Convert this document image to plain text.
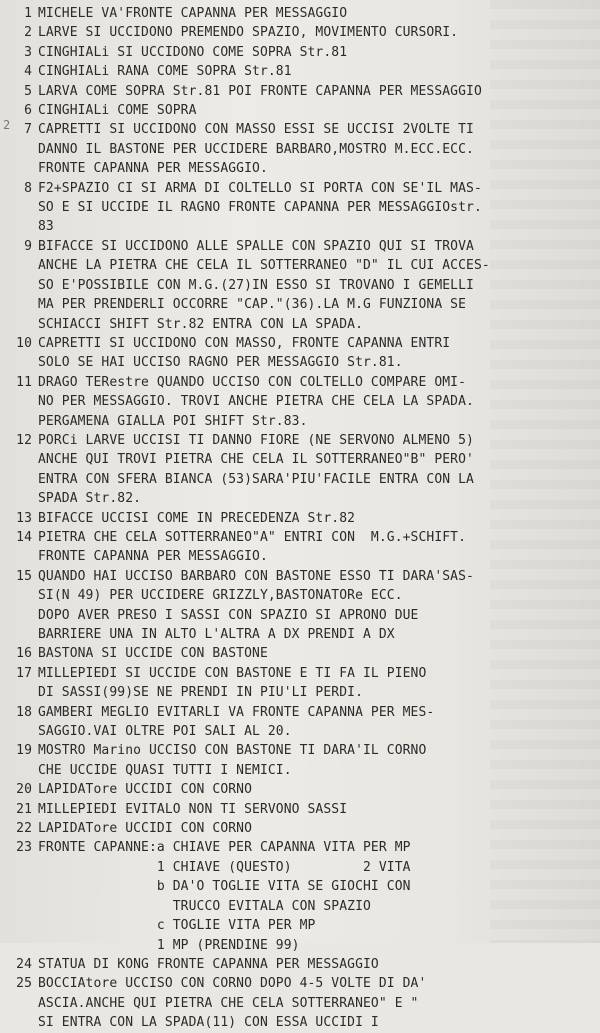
2
1 MICHELE VA'FRONTE CAPANNA PER MESSAGGIO
2 LARVE SI UCCIDONO PREMENDO SPAZIO, MOVIMENTO CURSORI.
3 CINGHIALi SI UCCIDONO COME SOPRA Str.81
4 CINGHIALi RANA COME SOPRA Str.81
5 LARVA COME SOPRA Str.81 POI FRONTE CAPANNA PER MESSAGGIO
6 CINGHIALi COME SOPRA
7 CAPRETTI SI UCCIDONO CON MASSO ESSI SE UCCISI 2VOLTE TI
DANNO IL BASTONE PER UCCIDERE BARBARO,MOSTRO M.ECC.ECC.
FRONTE CAPANNA PER MESSAGGIO.
8 F2+SPAZIO CI SI ARMA DI COLTELLO SI PORTA CON SE'IL MAS-
SO E SI UCCIDE IL RAGNO FRONTE CAPANNA PER MESSAGGIOstr.
83
9 BIFACCE SI UCCIDONO ALLE SPALLE CON SPAZIO QUI SI TROVA
ANCHE LA PIETRA CHE CELA IL SOTTERRANEO "D" IL CUI ACCES-
SO E'POSSIBILE CON M.G.(27)IN ESSO SI TROVANO I GEMELLI
MA PER PRENDERLI OCCORRE "CAP."(36).LA M.G FUNZIONA SE
SCHIACCI SHIFT Str.82 ENTRA CON LA SPADA.
10 CAPRETTI SI UCCIDONO CON MASSO, FRONTE CAPANNA ENTRI
SOLO SE HAI UCCISO RAGNO PER MESSAGGIO Str.81.
11 DRAGO TERestre QUANDO UCCISO CON COLTELLO COMPARE OMI-
NO PER MESSAGGIO. TROVI ANCHE PIETRA CHE CELA LA SPADA.
PERGAMENA GIALLA POI SHIFT Str.83.
12 PORCi LARVE UCCISI TI DANNO FIORE (NE SERVONO ALMENO 5)
ANCHE QUI TROVI PIETRA CHE CELA IL SOTTERRANEO"B" PERO'
ENTRA CON SFERA BIANCA (53)SARA'PIU'FACILE ENTRA CON LA
SPADA Str.82.
13 BIFACCE UCCISI COME IN PRECEDENZA Str.82
14 PIETRA CHE CELA SOTTERRANEO"A" ENTRI CON  M.G.+SCHIFT.
FRONTE CAPANNA PER MESSAGGIO.
15 QUANDO HAI UCCISO BARBARO CON BASTONE ESSO TI DARA'SAS-
SI(N 49) PER UCCIDERE GRIZZLY,BASTONATORe ECC.
DOPO AVER PRESO I SASSI CON SPAZIO SI APRONO DUE
BARRIERE UNA IN ALTO L'ALTRA A DX PRENDI A DX
16 BASTONA SI UCCIDE CON BASTONE
17 MILLEPIEDI SI UCCIDE CON BASTONE E TI FA IL PIENO
DI SASSI(99)SE NE PRENDI IN PIU'LI PERDI.
18 GAMBERI MEGLIO EVITARLI VA FRONTE CAPANNA PER MES-
SAGGIO.VAI OLTRE POI SALI AL 20.
19 MOSTRO Marino UCCISO CON BASTONE TI DARA'IL CORNO
CHE UCCIDE QUASI TUTTI I NEMICI.
20 LAPIDATore UCCIDI CON CORNO
21 MILLEPIEDI EVITALO NON TI SERVONO SASSI
22 LAPIDATore UCCIDI CON CORNO
23 FRONTE CAPANNE:a CHIAVE PER CAPANNA VITA PER MP
1 CHIAVE (QUESTO)         2 VITA
b DA'O TOGLIE VITA SE GIOCHI CON
TRUCCO EVITALA CON SPAZIO
c TOGLIE VITA PER MP
1 MP (PRENDINE 99)
24 STATUA DI KONG FRONTE CAPANNA PER MESSAGGIO
25 BOCCIAtore UCCISO CON CORNO DOPO 4-5 VOLTE DI DA'
ASCIA.ANCHE QUI PIETRA CHE CELA SOTTERRANEO" E "
SI ENTRA CON LA SPADA(11) CON ESSA UCCIDI I
